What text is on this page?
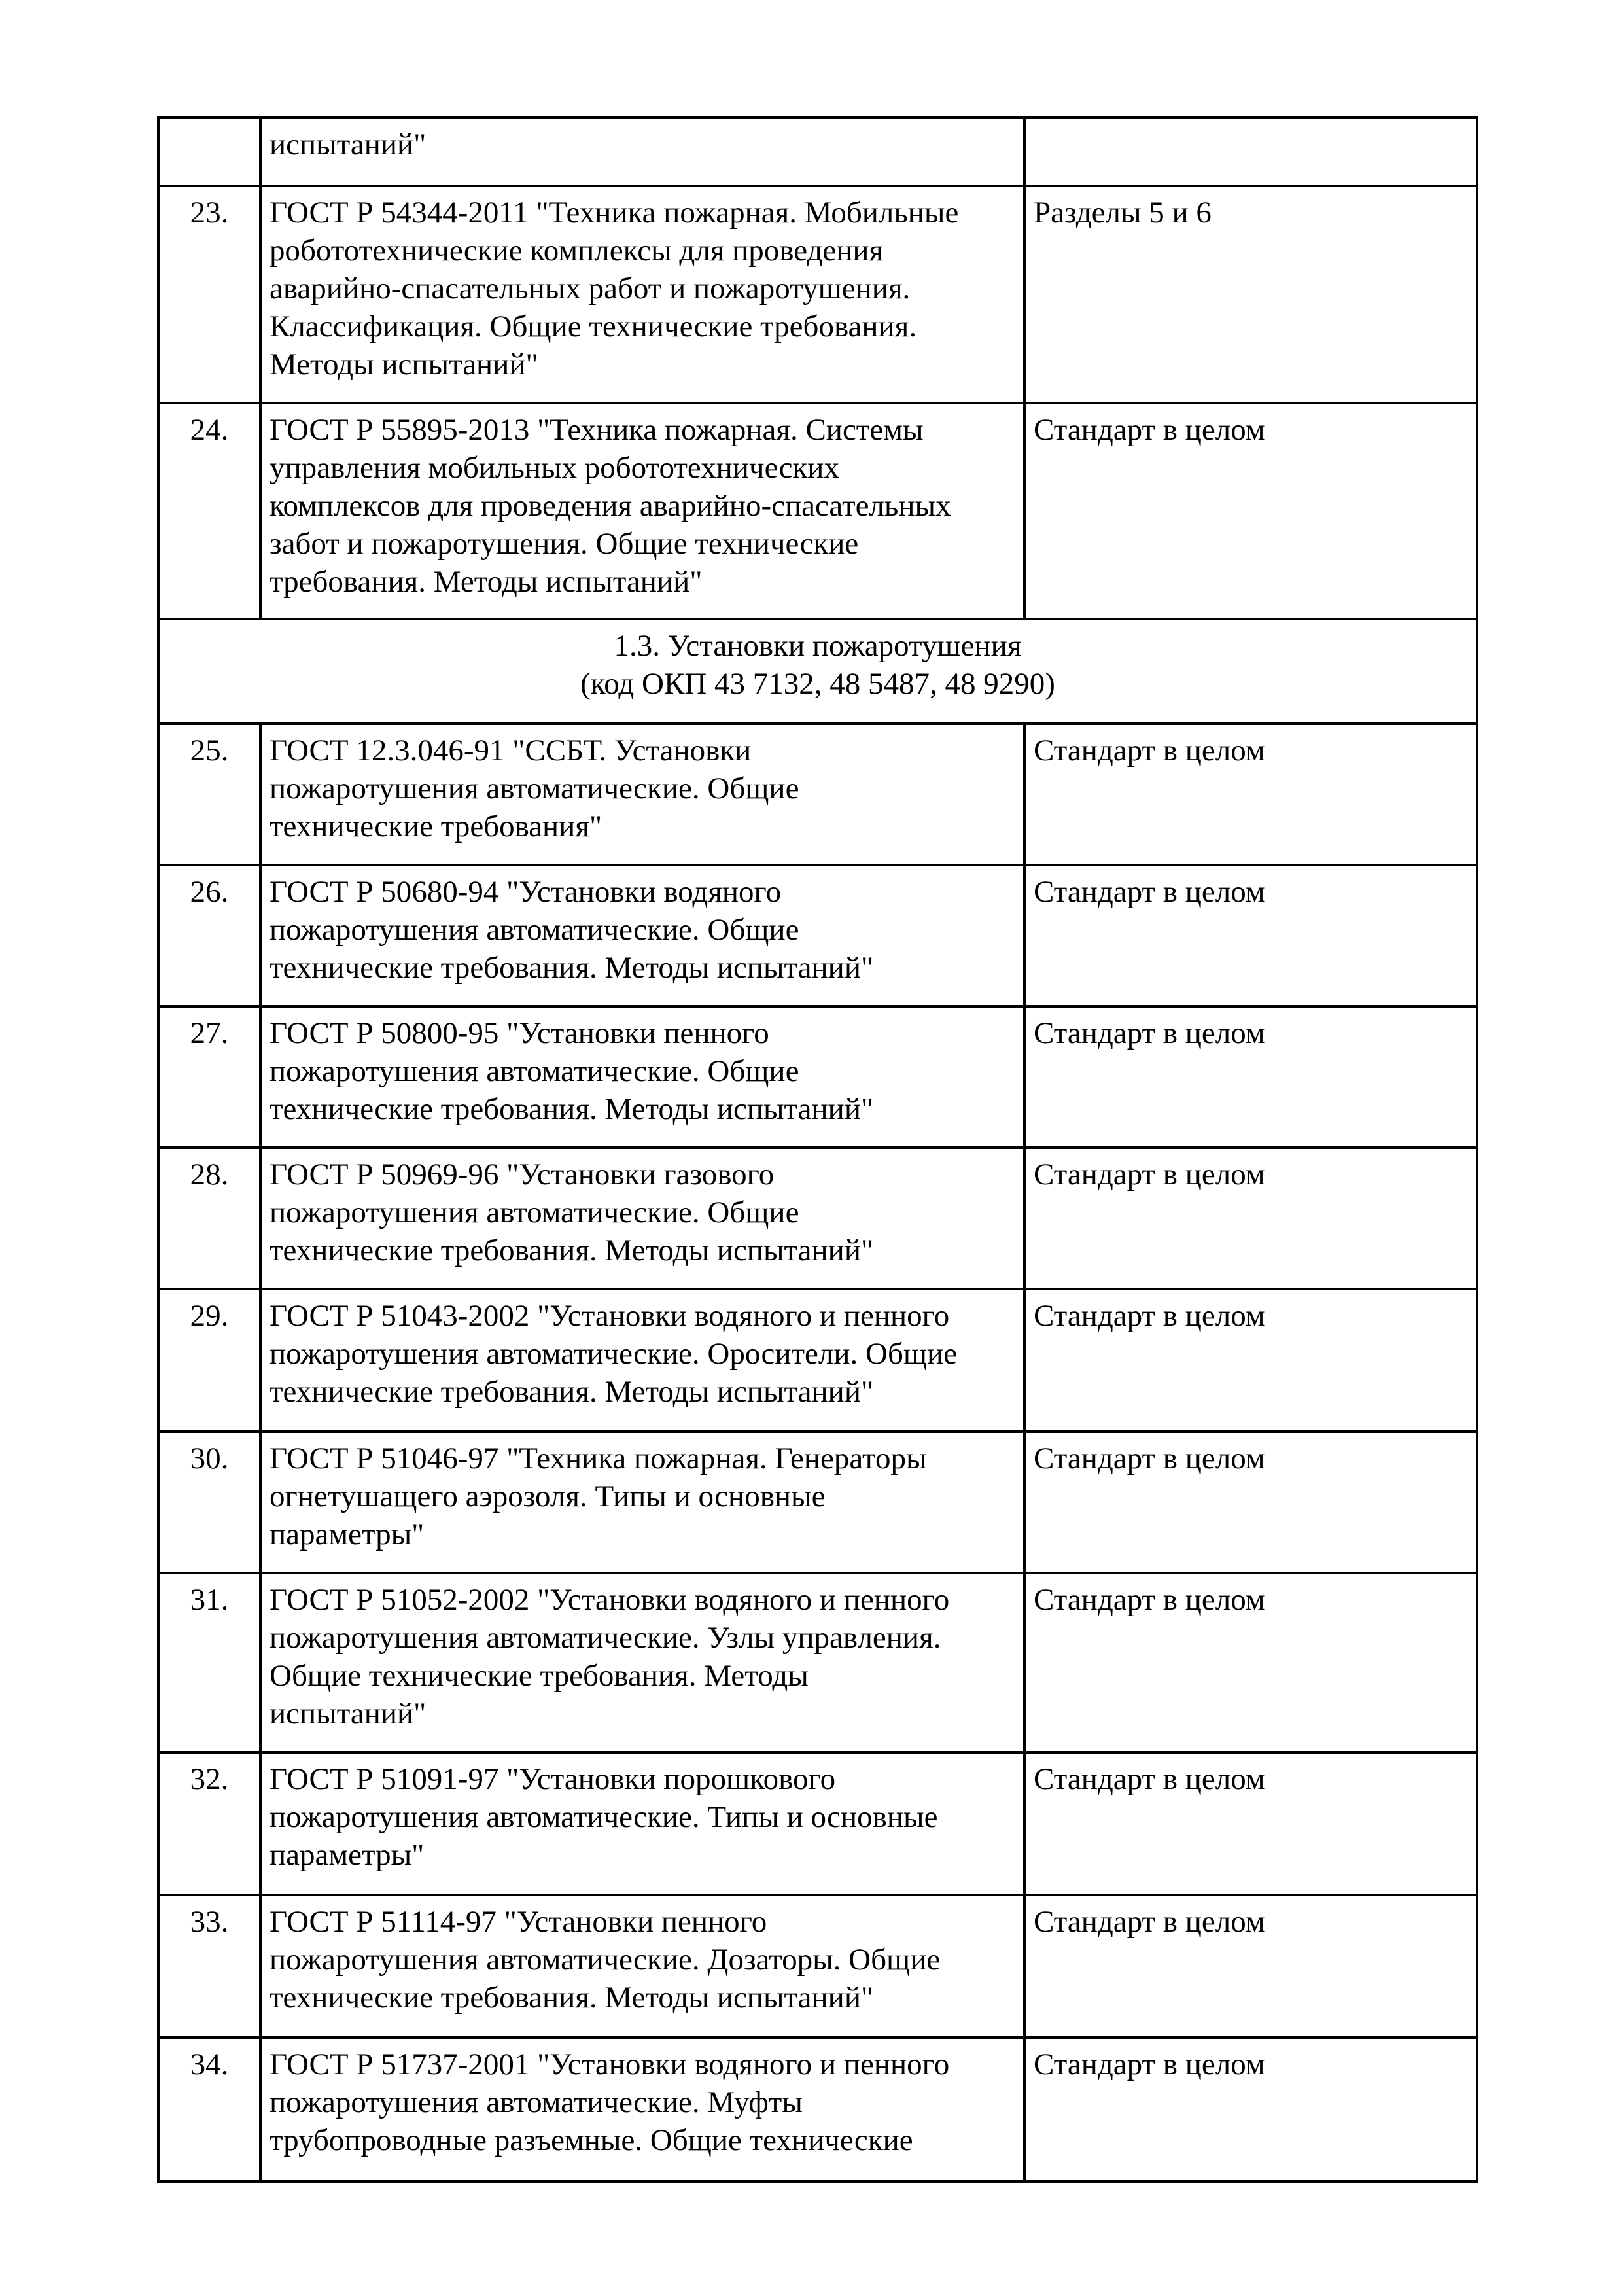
	испытаний"	
23.	ГОСТ Р 54344-2011 "Техника пожарная. Мобильные
робототехнические комплексы для проведения
аварийно-спасательных работ и пожаротушения.
Классификация. Общие технические требования.
Методы испытаний"	Разделы 5 и 6
24.	ГОСТ Р 55895-2013 "Техника пожарная. Системы
управления мобильных робототехнических
комплексов для проведения аварийно-спасательных
забот и пожаротушения. Общие технические
требования. Методы испытаний"	Стандарт в целом
1.3. Установки пожаротушения
(код ОКП 43 7132, 48 5487, 48 9290)		
25.	ГОСТ 12.3.046-91 "ССБТ. Установки
пожаротушения автоматические. Общие
технические требования"	Стандарт в целом
26.	ГОСТ Р 50680-94 "Установки водяного
пожаротушения автоматические. Общие
технические требования. Методы испытаний"	Стандарт в целом
27.	ГОСТ Р 50800-95 "Установки пенного
пожаротушения автоматические. Общие
технические требования. Методы испытаний"	Стандарт в целом
28.	ГОСТ Р 50969-96 "Установки газового
пожаротушения автоматические. Общие
технические требования. Методы испытаний"	Стандарт в целом
29.	ГОСТ Р 51043-2002 "Установки водяного и пенного
пожаротушения автоматические. Оросители. Общие
технические требования. Методы испытаний"	Стандарт в целом
30.	ГОСТ Р 51046-97 "Техника пожарная. Генераторы
огнетушащего аэрозоля. Типы и основные
параметры"	Стандарт в целом
31.	ГОСТ Р 51052-2002 "Установки водяного и пенного
пожаротушения автоматические. Узлы управления.
Общие технические требования. Методы
испытаний"	Стандарт в целом
32.	ГОСТ Р 51091-97 "Установки порошкового
пожаротушения автоматические. Типы и основные
параметры"	Стандарт в целом
33.	ГОСТ Р 51114-97 "Установки пенного
пожаротушения автоматические. Дозаторы. Общие
технические требования. Методы испытаний"	Стандарт в целом
34.	ГОСТ Р 51737-2001 "Установки водяного и пенного
пожаротушения автоматические. Муфты
трубопроводные разъемные. Общие технические	Стандарт в целом
